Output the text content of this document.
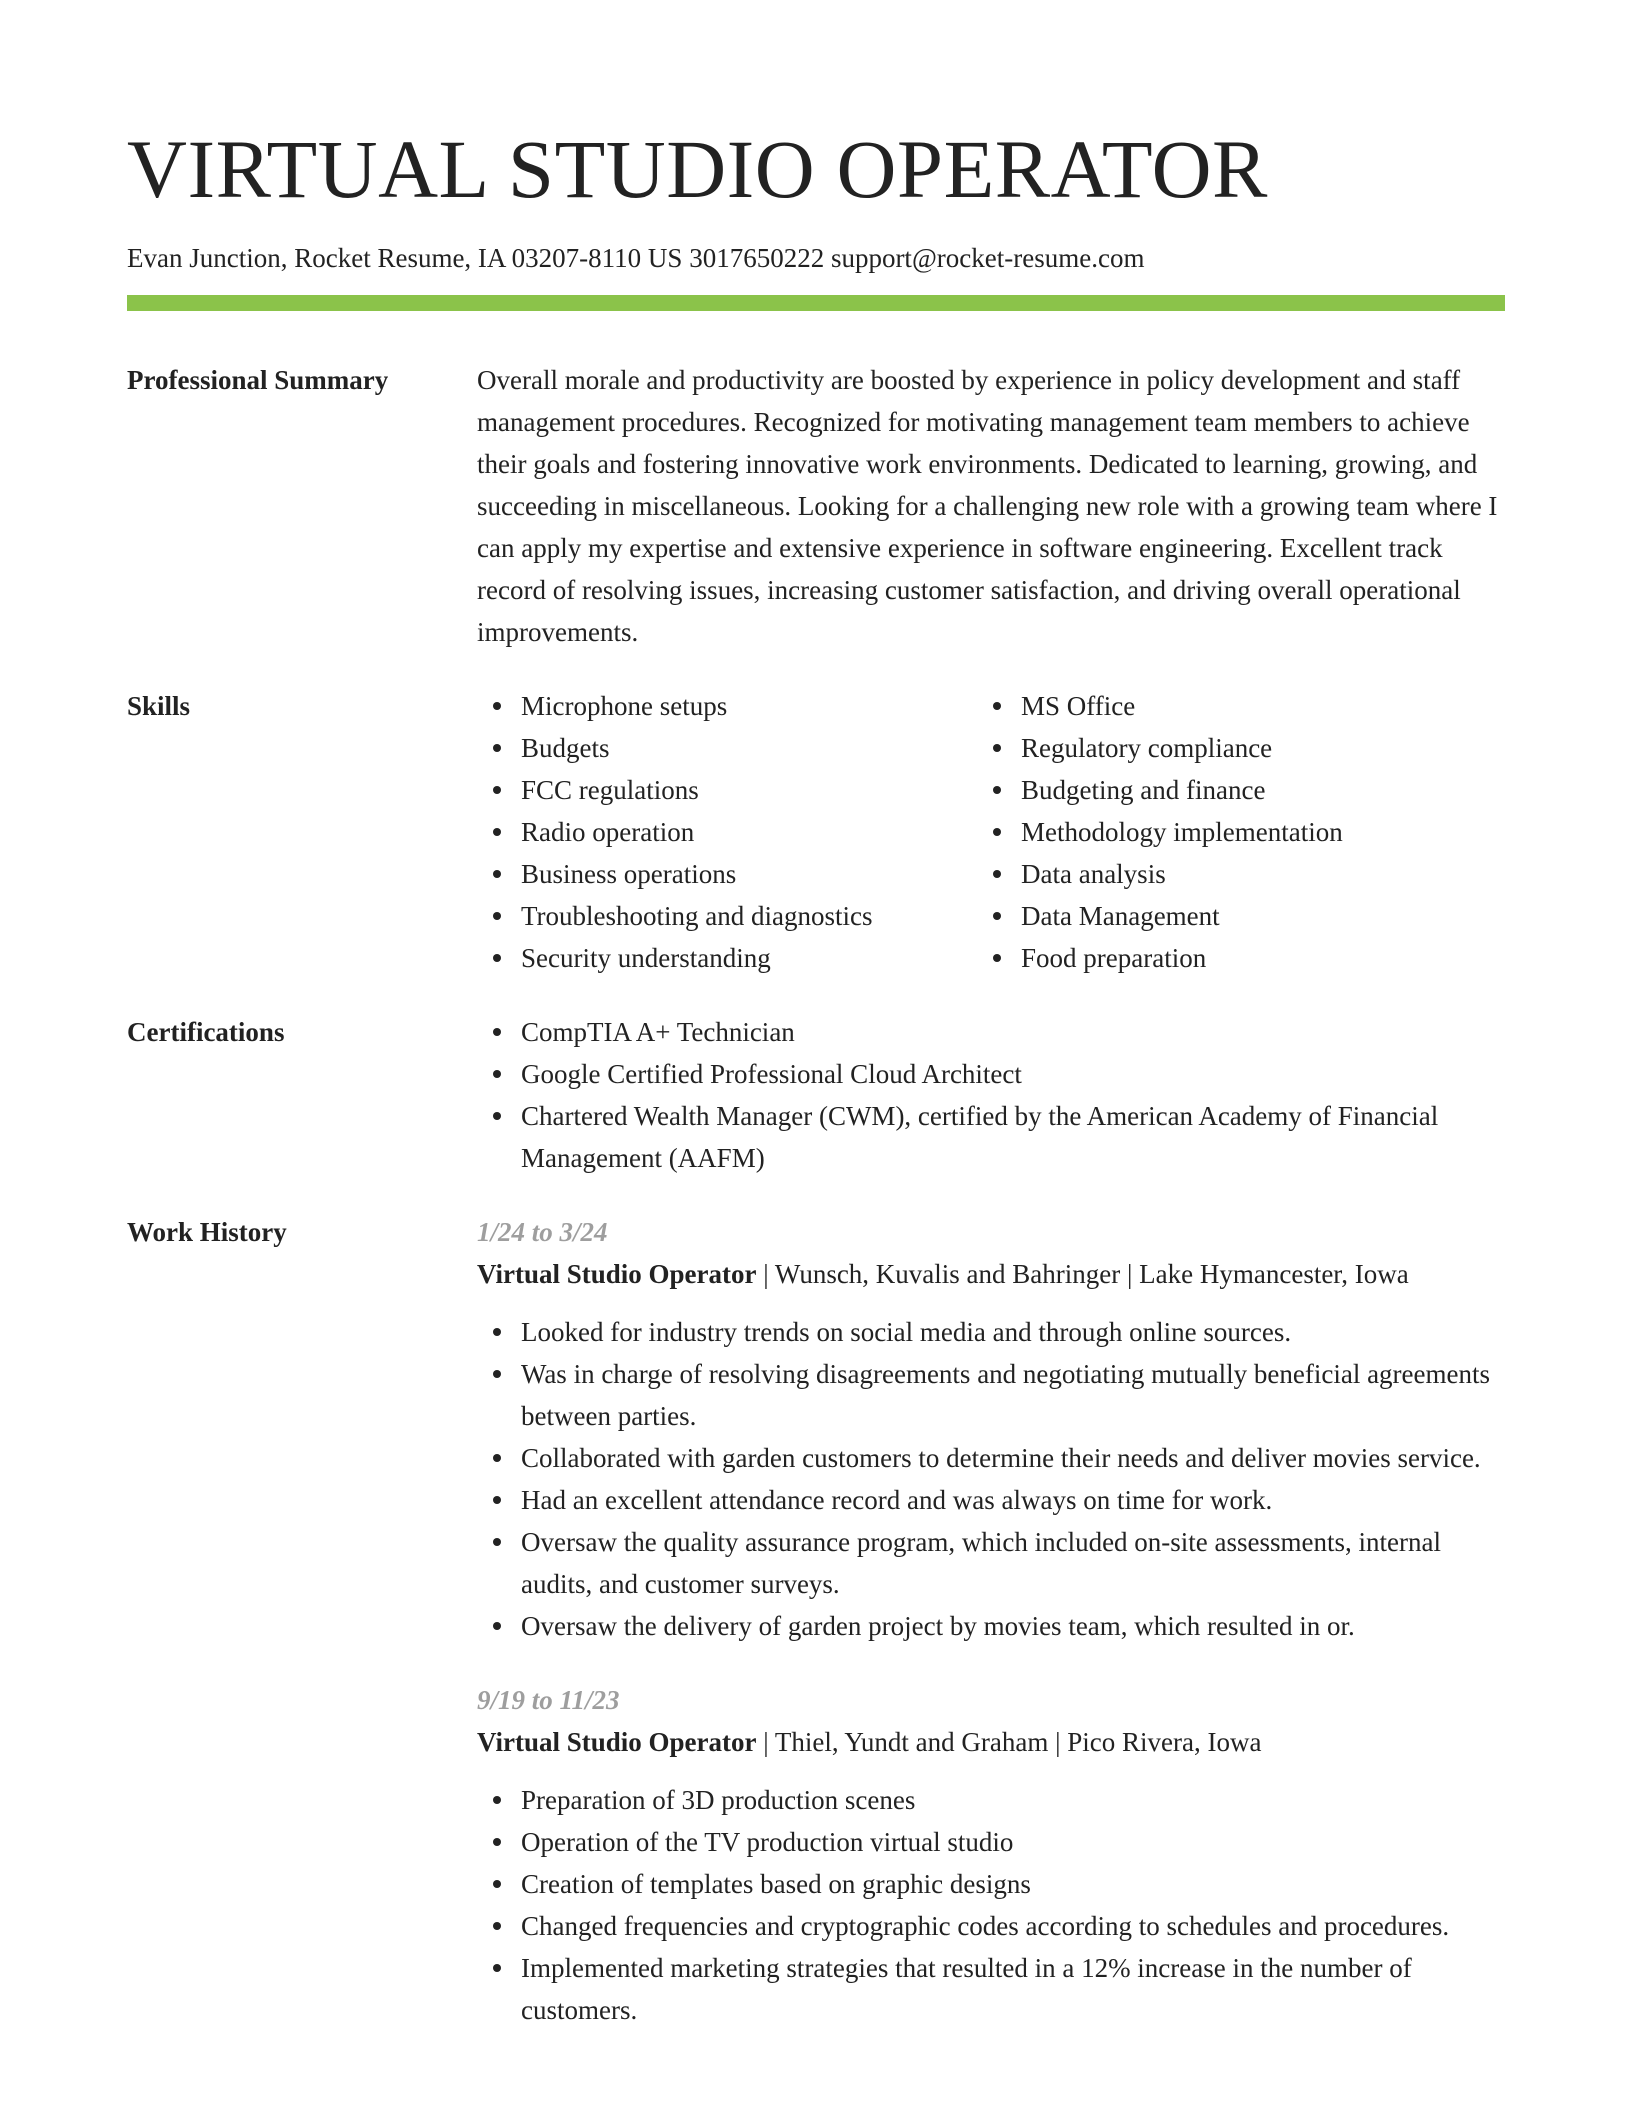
VIRTUAL STUDIO OPERATOR
Evan Junction, Rocket Resume, IA 03207-8110 US 3017650222 support@rocket-resume.com
Professional Summary	Overall morale and productivity are boosted by experience in policy development and staff management procedures. Recognized for motivating management team members to achieve their goals and fostering innovative work environments. Dedicated to learning, growing, and succeeding in miscellaneous. Looking for a challenging new role with a growing team where I can apply my expertise and extensive experience in software engineering. Excellent track record of resolving issues, increasing customer satisfaction, and driving overall operational improvements.

Skills	Microphone setups
Budgets
FCC regulations
Radio operation
Business operations
Troubleshooting and diagnostics
Security understanding
MS Office
Regulatory compliance
Budgeting and finance
Methodology implementation
Data analysis
Data Management
Food preparation
Certifications	CompTIA A+ Technician
Google Certified Professional Cloud Architect
Chartered Wealth Manager (CWM), certified by the American Academy of Financial Management (AAFM)
Work History	1/24 to 3/24
Virtual Studio Operator | Wunsch, Kuvalis and Bahringer | Lake Hymancester, Iowa
Looked for industry trends on social media and through online sources.
Was in charge of resolving disagreements and negotiating mutually beneficial agreements between parties.
Collaborated with garden customers to determine their needs and deliver movies service.
Had an excellent attendance record and was always on time for work.
Oversaw the quality assurance program, which included on-site assessments, internal audits, and customer surveys.
Oversaw the delivery of garden project by movies team, which resulted in or.
9/19 to 11/23
Virtual Studio Operator | Thiel, Yundt and Graham | Pico Rivera, Iowa
Preparation of 3D production scenes
Operation of the TV production virtual studio
Creation of templates based on graphic designs
Changed frequencies and cryptographic codes according to schedules and procedures.
Implemented marketing strategies that resulted in a 12% increase in the number of customers.
